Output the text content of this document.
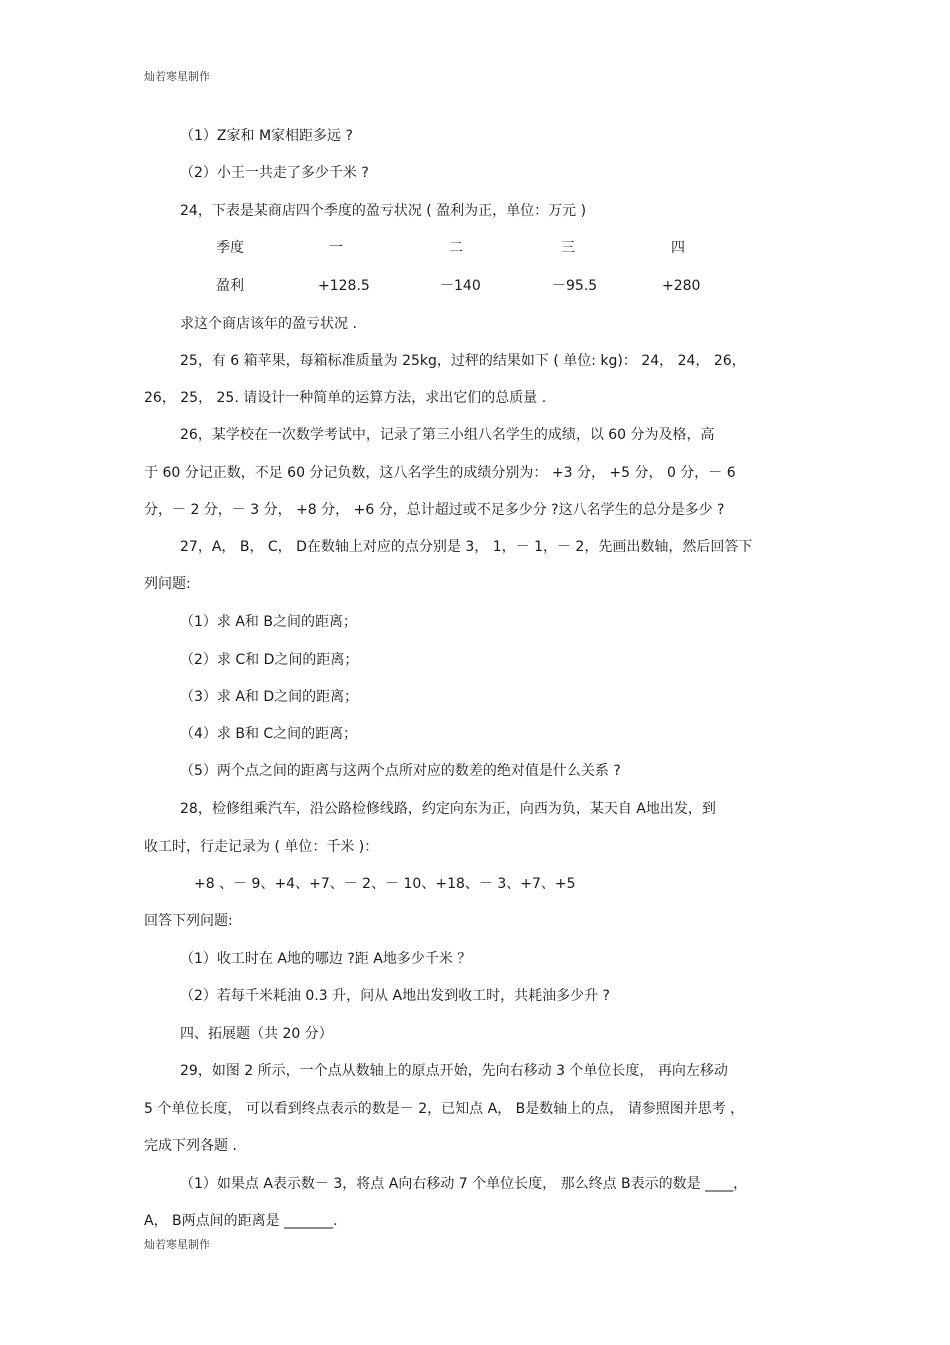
灿若寒星制作
（1）Z家和 M家相距多远 ?
（2）小王一共走了多少千米 ?
24，下表是某商店四个季度的盈亏状况 ( 盈利为正，单位：万元 )
季度	一	二	三	四
盈利	+128.5	－140	－95.5	+280
求这个商店该年的盈亏状况 .
25，有 6 箱苹果，每箱标准质量为 25kg，过秤的结果如下 ( 单位: kg)： 24， 24， 26，
26， 25， 25. 请设计一种简单的运算方法，求出它们的总质量 .
26，某学校在一次数学考试中，记录了第三小组八名学生的成绩，以 60 分为及格，高
于 60 分记正数，不足 60 分记负数，这八名学生的成绩分别为： +3 分， +5 分， 0 分，－ 6
分，－ 2 分，－ 3 分， +8 分， +6 分，总计超过或不足多少分 ?这八名学生的总分是多少 ?
27，A， B， C， D在数轴上对应的点分别是 3， 1，－ 1，－ 2，先画出数轴，然后回答下
列问题:
（1）求 A和 B之间的距离；
（2）求 C和 D之间的距离；
（3）求 A和 D之间的距离；
（4）求 B和 C之间的距离；
（5）两个点之间的距离与这两个点所对应的数差的绝对值是什么关系 ?
28，检修组乘汽车，沿公路检修线路，约定向东为正，向西为负，某天自 A地出发，到
收工时，行走记录为 ( 单位：千米 )：
+8 、－ 9、+4、+7、－ 2、－ 10、+18、－ 3、+7、+5
回答下列问题:
（1）收工时在 A地的哪边 ?距 A地多少千米 ？
（2）若每千米耗油 0.3 升，问从 A地出发到收工时，共耗油多少升 ?
四、拓展题（共 20 分）
29，如图 2 所示，一个点从数轴上的原点开始，先向右移动 3 个单位长度， 再向左移动
5 个单位长度， 可以看到终点表示的数是－ 2，已知点 A， B是数轴上的点， 请参照图并思考 ，
完成下列各题 .
（1）如果点 A表示数－ 3，将点 A向右移动 7 个单位长度， 那么终点 B表示的数是 ____，
A， B两点间的距离是 _______.
灿若寒星制作
